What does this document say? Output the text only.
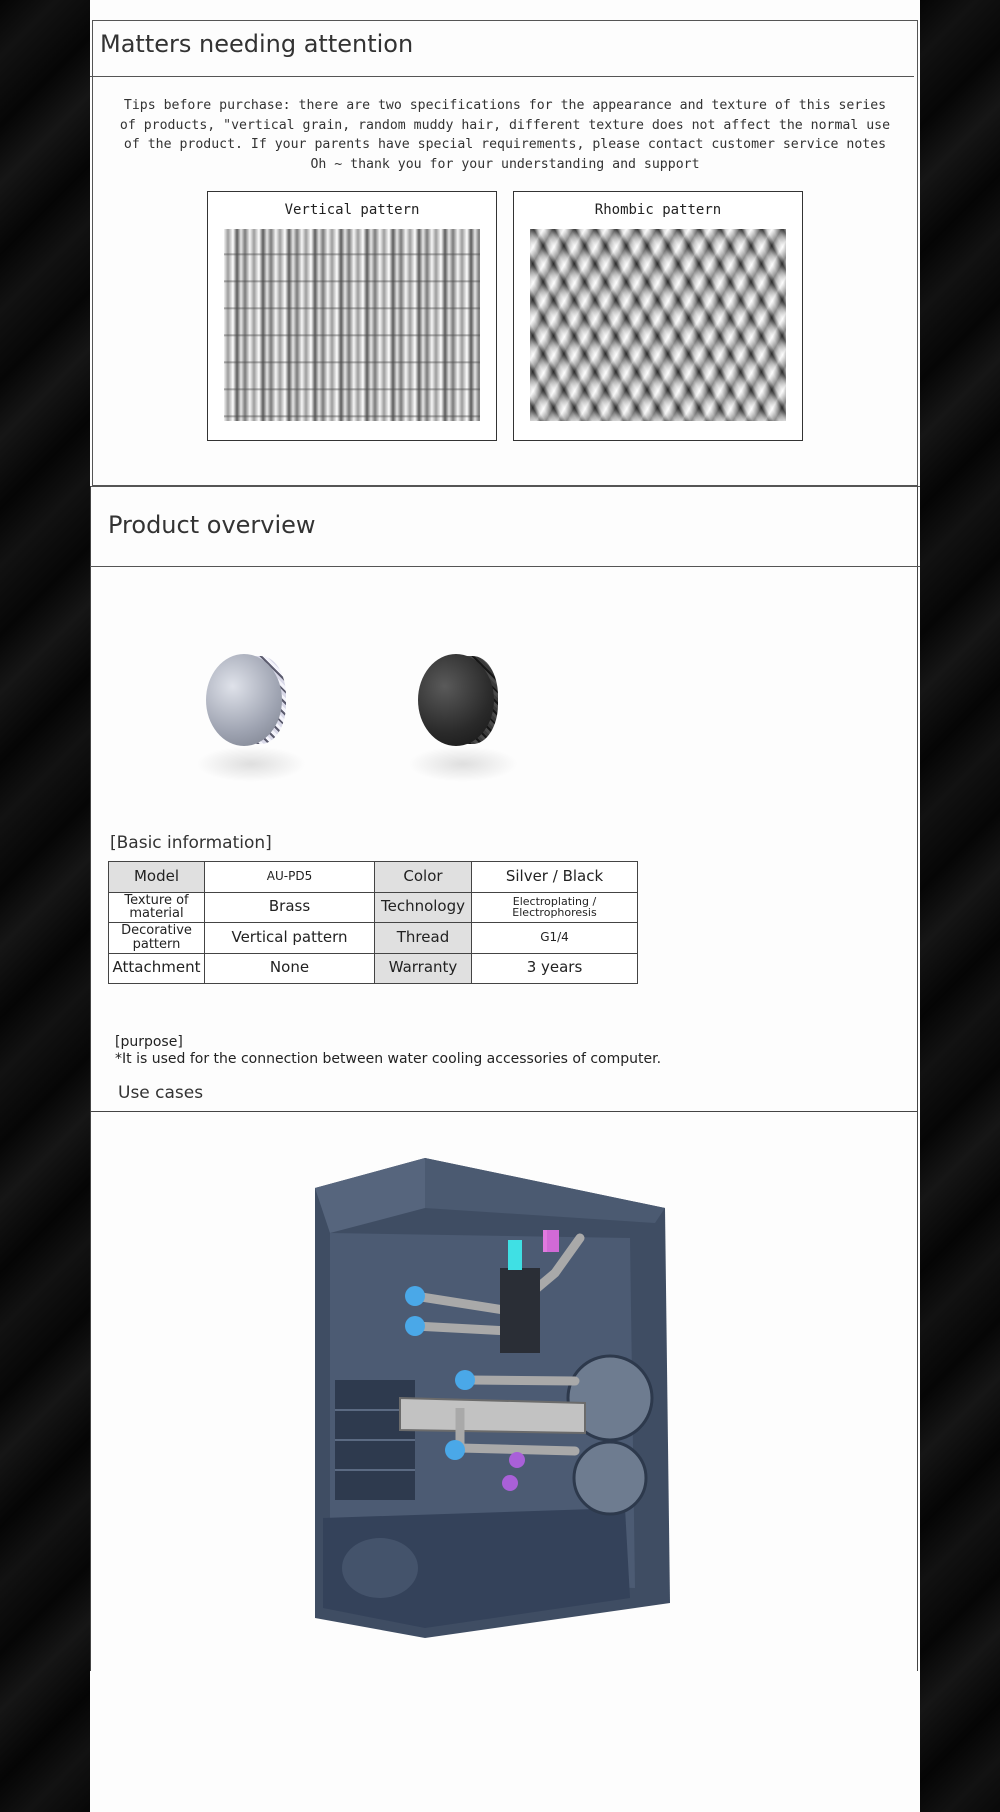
Matters needing attention

Tips before purchase: there are two specifications for the appearance and texture of this series of products, "vertical grain, random muddy hair, different texture does not affect the normal use of the product. If your parents have special requirements, please contact customer service notes Oh ~ thank you for your understanding and support

Vertical pattern	Rhombic pattern
Product overview
[Basic information]
Model	AU-PD5	Color	Silver / Black
Texture of material	Brass	Technology	Electroplating / Electrophoresis
Decorative pattern	Vertical pattern	Thread	G1/4
Attachment	None	Warranty	3 years
[purpose]
*It is used for the connection between water cooling accessories of computer.
Use cases
